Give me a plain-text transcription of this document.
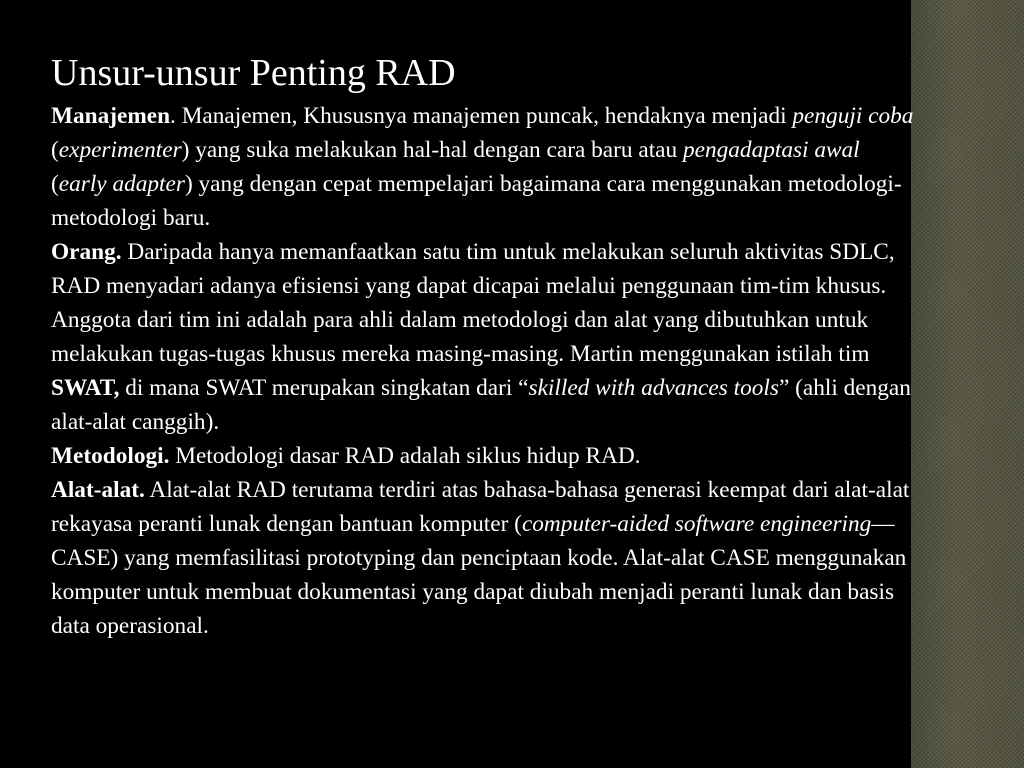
Unsur-unsur Penting RAD

Manajemen. Manajemen, Khususnya manajemen puncak, hendaknya menjadi penguji coba (experimenter) yang suka melakukan hal-hal dengan cara baru atau pengadaptasi awal (early adapter) yang dengan cepat mempelajari bagaimana cara menggunakan metodologi-metodologi baru.

Orang. Daripada hanya memanfaatkan satu tim untuk melakukan seluruh aktivitas SDLC, RAD menyadari adanya efisiensi yang dapat dicapai melalui penggunaan tim-tim khusus. Anggota dari tim ini adalah para ahli dalam metodologi dan alat yang dibutuhkan untuk melakukan tugas-tugas khusus mereka masing-masing. Martin menggunakan istilah tim SWAT, di mana SWAT merupakan singkatan dari “skilled with advances tools” (ahli dengan alat-alat canggih).

Metodologi. Metodologi dasar RAD adalah siklus hidup RAD.

Alat-alat. Alat-alat RAD terutama terdiri atas bahasa-bahasa generasi keempat dari alat-alat rekayasa peranti lunak dengan bantuan komputer (computer-aided software engineering—CASE) yang memfasilitasi prototyping dan penciptaan kode. Alat-alat CASE menggunakan komputer untuk membuat dokumentasi yang dapat diubah menjadi peranti lunak dan basis data operasional.
